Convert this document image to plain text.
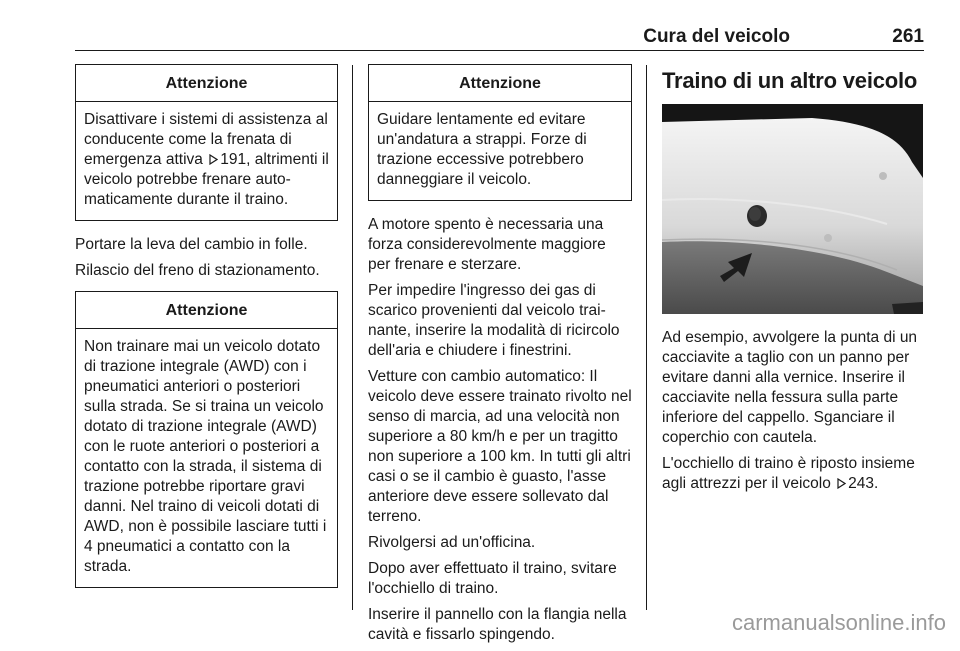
Cura del veicolo	261
Attenzione
Disattivare i sistemi di assistenza al conducente come la frenata di emergenza attiva 191, altrimenti il veicolo potrebbe frenare auto-maticamente durante il traino.

Portare la leva del cambio in folle.

Rilascio del freno di stazionamento.

Attenzione
Non trainare mai un veicolo dotato di trazione integrale (AWD) con i pneumatici anteriori o posteriori sulla strada. Se si traina un veicolo dotato di trazione integrale (AWD) con le ruote anteriori o posteriori a contatto con la strada, il sistema di trazione potrebbe riportare gravi danni. Nel traino di veicoli dotati di AWD, non è possibile lasciare tutti i 4 pneumatici a contatto con la strada.
Attenzione
Guidare lentamente ed evitare un'andatura a strappi. Forze di trazione eccessive potrebbero danneggiare il veicolo.

A motore spento è necessaria una forza considerevolmente maggiore per frenare e sterzare.

Per impedire l'ingresso dei gas di scarico provenienti dal veicolo trai-nante, inserire la modalità di ricircolo dell'aria e chiudere i finestrini.

Vetture con cambio automatico: Il veicolo deve essere trainato rivolto nel senso di marcia, ad una velocità non superiore a 80 km/h e per un tragitto non superiore a 100 km. In tutti gli altri casi o se il cambio è guasto, l'asse anteriore deve essere sollevato dal terreno.

Rivolgersi ad un'officina.

Dopo aver effettuato il traino, svitare l'occhiello di traino.

Inserire il pannello con la flangia nella cavità e fissarlo spingendo.

Traino di un altro veicolo

Ad esempio, avvolgere la punta di un cacciavite a taglio con un panno per evitare danni alla vernice. Inserire il cacciavite nella fessura sulla parte inferiore del cappello. Sganciare il coperchio con cautela.

L'occhiello di traino è riposto insieme agli attrezzi per il veicolo 243.

carmanualsonline.info
